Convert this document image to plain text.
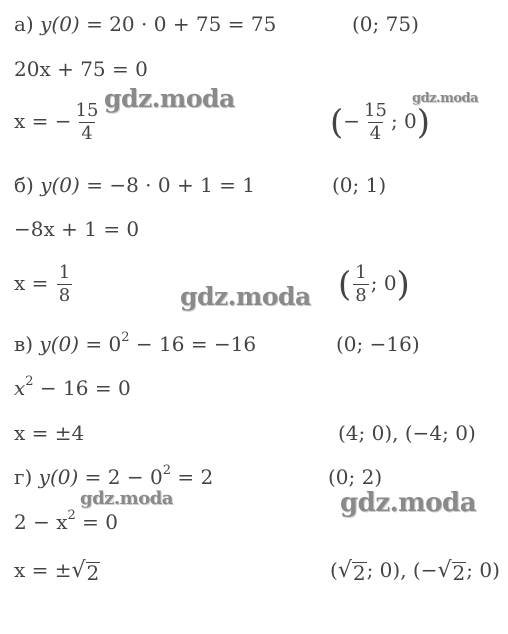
а) y(0) = 20 · 0 + 75 = 75	(0; 75)
20x + 75 = 0
x = − $\frac{15}{4}$	(− $\frac{15}{4}$ ; 0)
б) y(0) = −8 · 0 + 1 = 1	(0; 1)
−8x + 1 = 0
$x = \frac{1}{8}$	( $\frac{1}{8}$ ; 0)
в) $y(0) = 0^2 - 16 = -16$	(0; −16)
$x^2 - 16 = 0$
x = ±4	(4; 0), (−4; 0)
г) $y(0) = 2 - 0^2 = 2$	(0; 2)
$2 - x^2 = 0$
x = ± √ 2	( √ 2 ; 0), (− √ 2 ; 0)
gdz.moda	gdz.moda
gdz.moda
gdz.moda	gdz.moda
